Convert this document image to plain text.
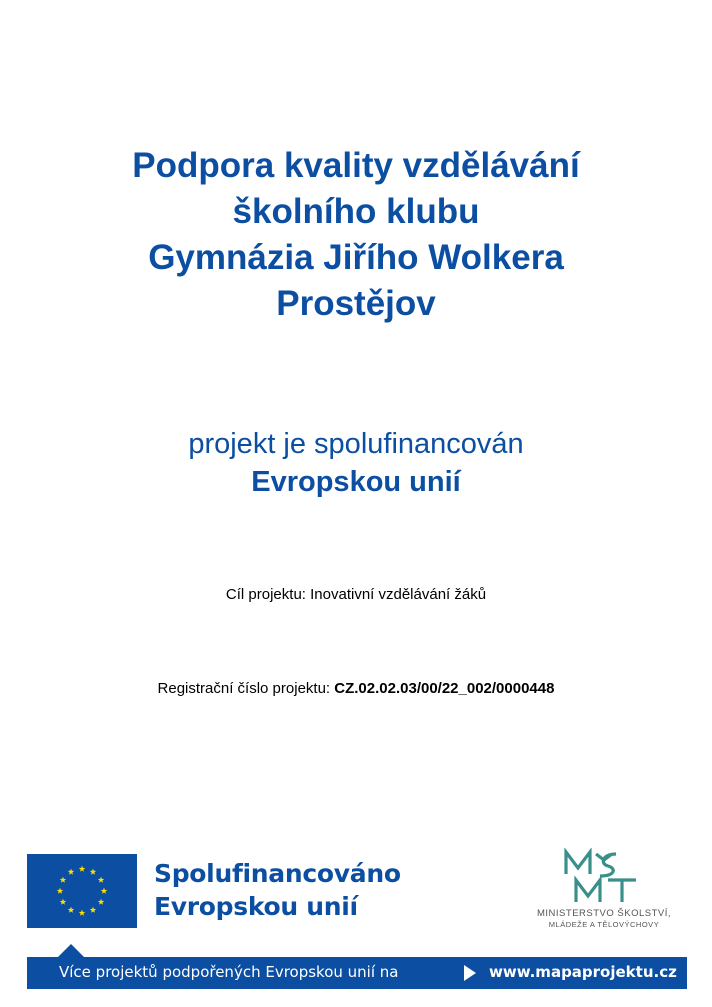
Podpora kvality vzdělávání
školního klubu
Gymnázia Jiřího Wolkera
Prostějov
projekt je spolufinancován
Evropskou unií
Cíl projektu: Inovativní vzdělávání žáků
Registrační číslo projektu: CZ.02.02.03/00/22_002/0000448
Spolufinancováno
Evropskou unií	MINISTERSTVO ŠKOLSTVÍ,
MLÁDEŽE A TĚLOVÝCHOVY
Více projektů podpořených Evropskou unií na	www.mapaprojektu.cz
